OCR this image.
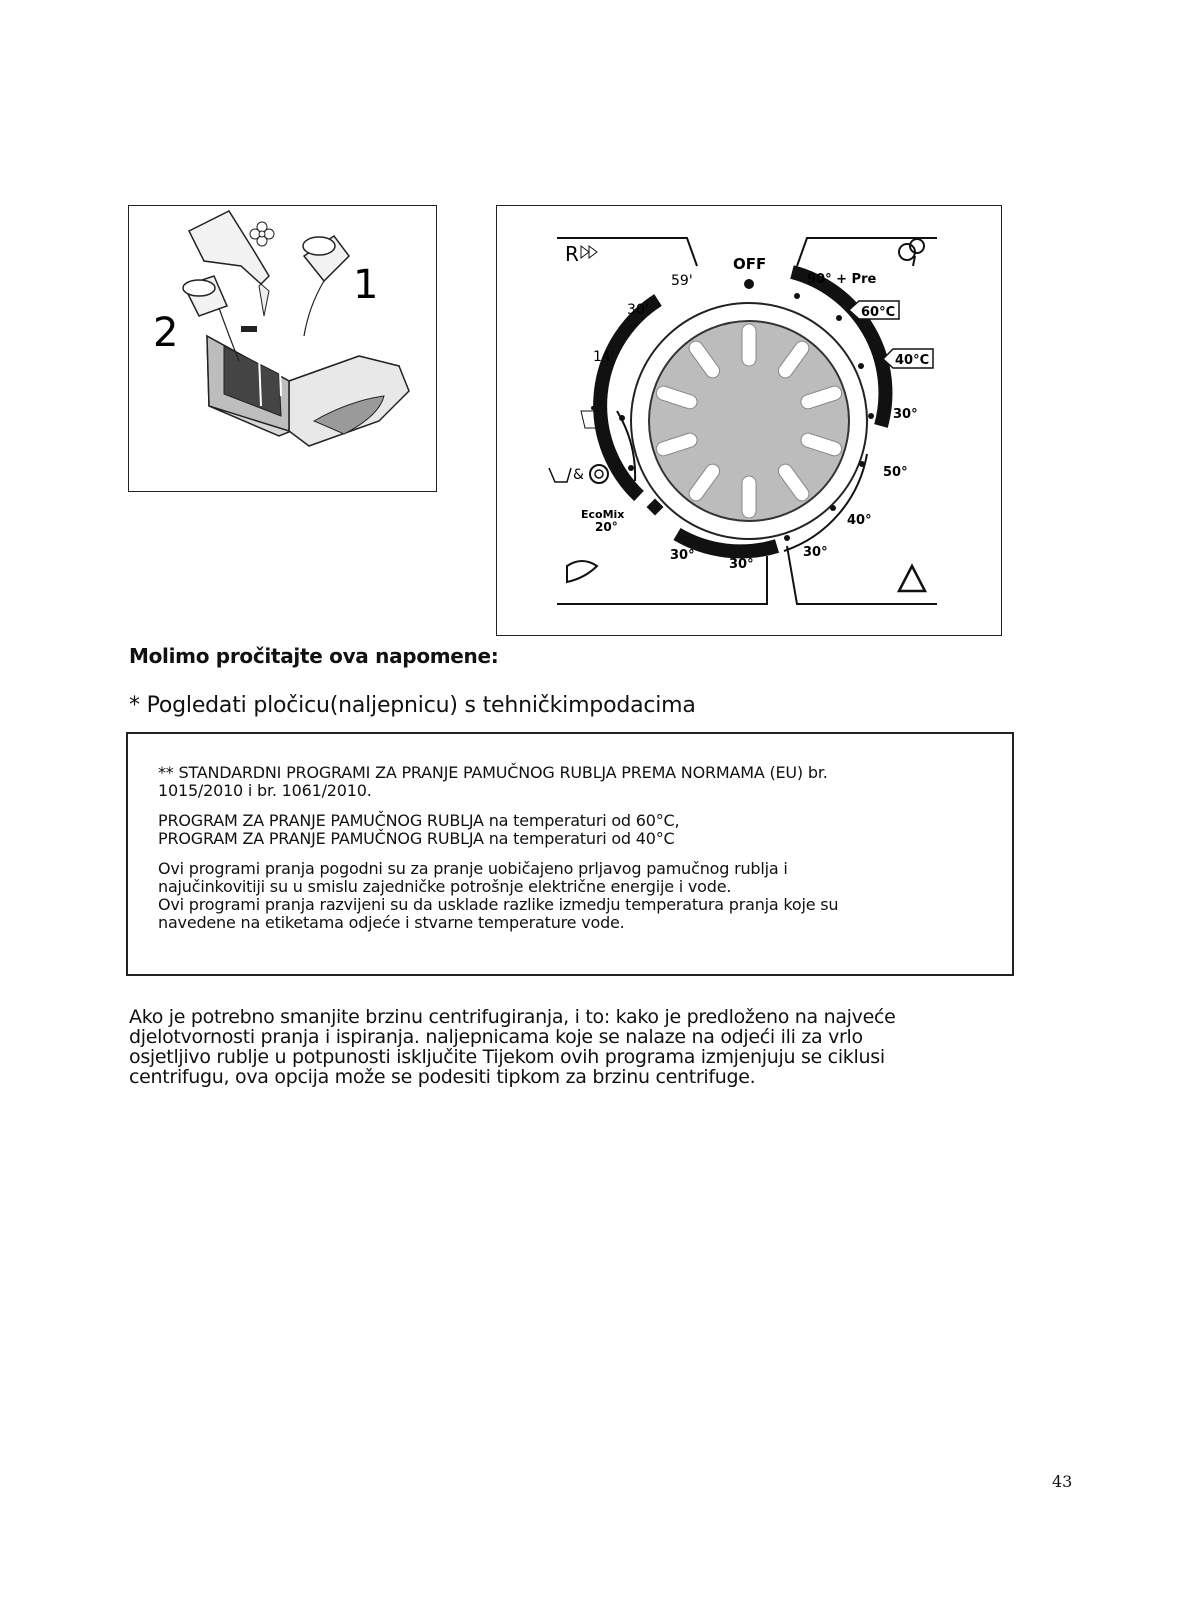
1
2
OFF
59'
30'
14'
90° + Pre
60°C
40°C
30°
50°
40°
30°
EcoMix
20°
30°
30°
&
R
Molimo pročitajte ova napomene:
* Pogledati pločicu(naljepnicu) s tehničkimpodacima

** STANDARDNI PROGRAMI ZA PRANJE PAMUČNOG RUBLJA PREMA NORMAMA (EU) br.
1015/2010 i br. 1061/2010.

PROGRAM ZA PRANJE PAMUČNOG RUBLJA na temperaturi od 60°C,
PROGRAM ZA PRANJE PAMUČNOG RUBLJA na temperaturi od 40°C

Ovi programi pranja pogodni su za pranje uobičajeno prljavog pamučnog rublja i
najučinkovitiji su u smislu zajedničke potrošnje električne energije i vode.
Ovi programi pranja razvijeni su da usklade razlike izmedju temperatura pranja koje su
navedene na etiketama odjeće i stvarne temperature vode.

Ako je potrebno smanjite brzinu centrifugiranja, i to: kako je predloženo na najveće
djelotvornosti pranja i ispiranja. naljepnicama koje se nalaze na odjeći ili za vrlo
osjetljivo rublje u potpunosti isključite Tijekom ovih programa izmjenjuju se ciklusi
centrifugu, ova opcija može se podesiti tipkom za brzinu centrifuge.
43
